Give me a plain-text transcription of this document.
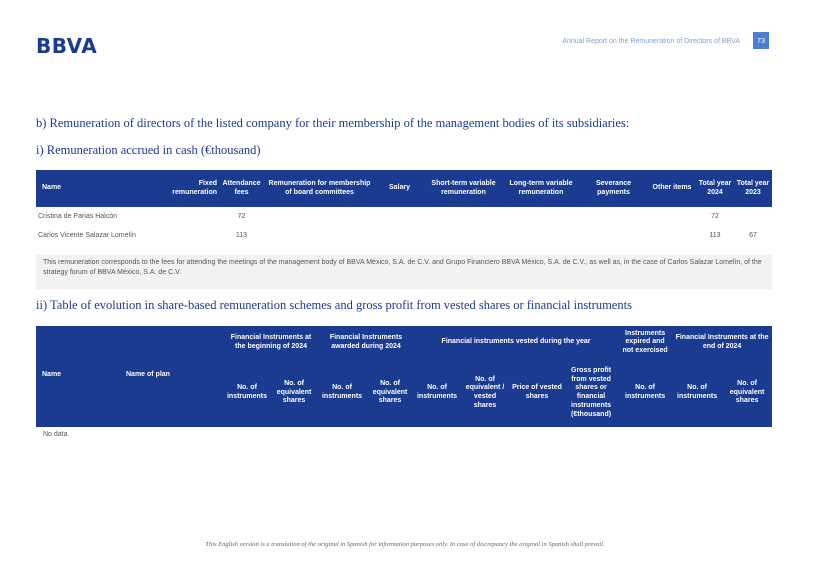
BBVA	Annual Report on the Remuneration of Directors of BBVA	73
b) Remuneration of directors of the listed company for their membership of the management bodies of its subsidiaries:
i) Remuneration accrued in cash (€thousand)
Name	Fixed remuneration	Attendance fees	Remuneration for membership of board committees	Salary	Short-term variable remuneration	Long-term variable remuneration	Severance payments	Other items	Total year 2024	Total year 2023
Cristina de Parias Halcón		72							72	
Carlos Vicente Salazar Lomelín		113							113	67
This remuneration corresponds to the fees for attending the meetings of the management body of BBVA México, S.A. de C.V. and Grupo Financiero BBVA México, S.A. de C.V., as well as, in the case of Carlos Salazar Lomelín, of the strategy forum of BBVA México, S.A. de C.V.
ii) Table of evolution in share-based remuneration schemes and gross profit from vested shares or financial instruments
Name	Name of plan	Financial Instruments at the beginning of 2024		Financial Instruments awarded during 2024		Financial instruments vested during the year				Instruments expired and not exercised	Financial Instruments at the end of 2024	
		No. of instruments	No. of equivalent shares	No. of instruments	No. of equivalent shares	No. of instruments	No. of equivalent / vested shares	Price of vested shares	Gross profit from vested shares or financial instruments (€thousand)	No. of instruments	No. of instruments	No. of equivalent shares
No data
This English version is a translation of the original in Spanish for information purposes only. In case of discrepancy the original in Spanish shall prevail.
